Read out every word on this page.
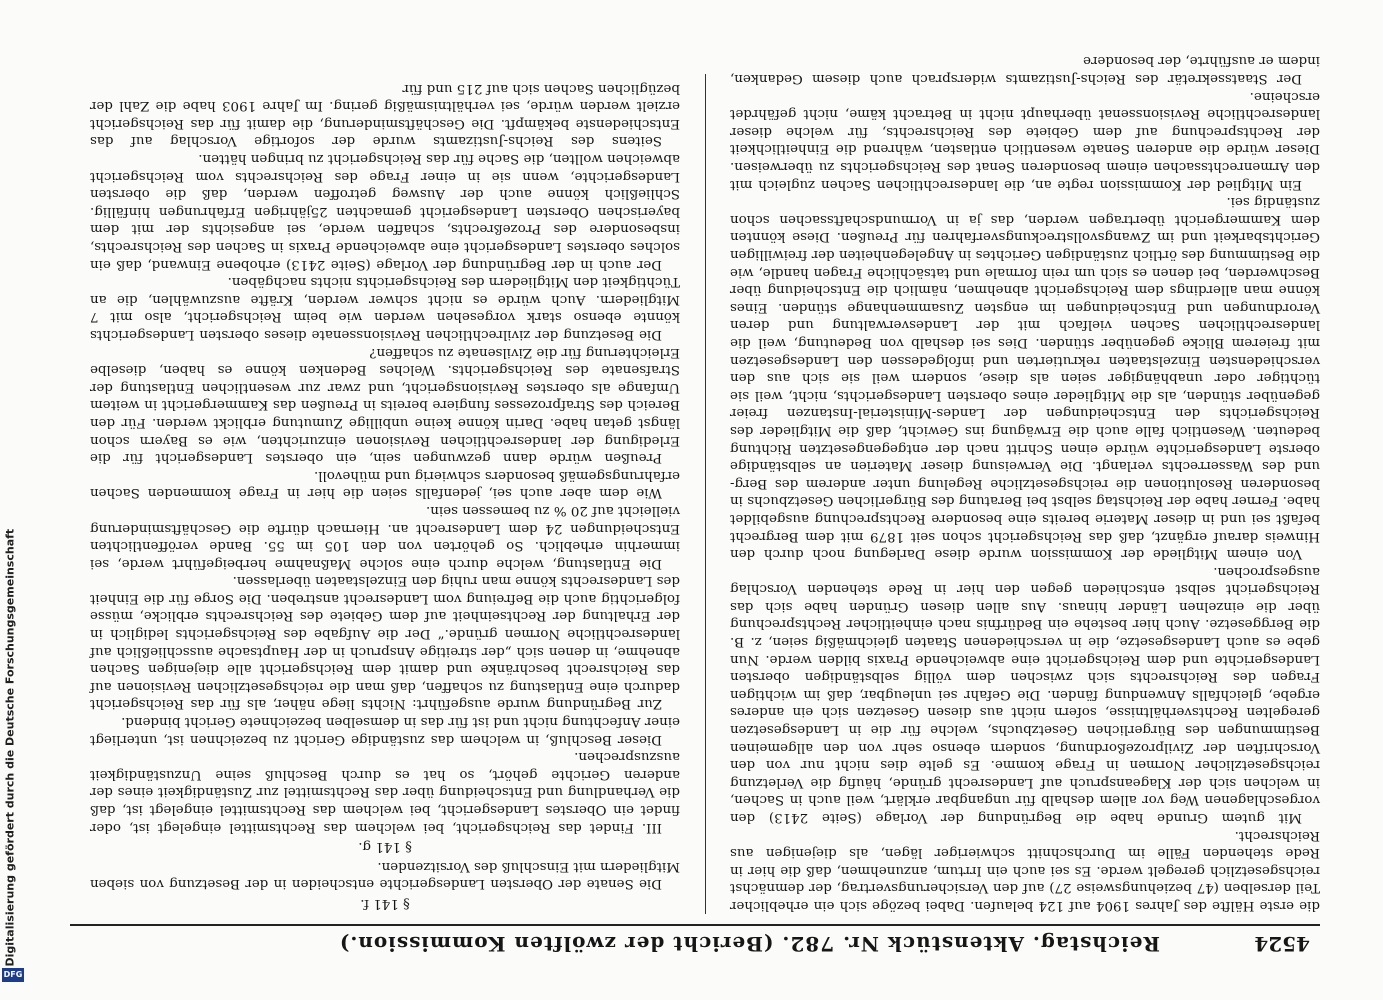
Digitalisierung gefördert durch die Deutsche Forschungsgemeinschaft
DFG
4524
Reichstag. Aktenstück Nr. 782. (Bericht der zwölften Kommission.)

die erste Hälfte des Jahres 1904 auf 124 belaufen. Dabei bezöge sich ein erheblicher Teil derselben (47 beziehungsweise 27) auf den Versicherungsvertrag, der demnächst reichsgesetzlich geregelt werde. Es sei auch ein Irrtum, anzunehmen, daß die hier in Rede stehenden Fälle im Durchschnitt schwieriger lägen, als diejenigen aus Reichsrecht.

Mit gutem Grunde habe die Begründung der Vorlage (Seite 2413) den vorgeschlagenen Weg vor allem deshalb für ungangbar erklärt, weil auch in Sachen, in welchen sich der Klageanspruch auf Landesrecht gründe, häufig die Verletzung reichsgesetzlicher Normen in Frage komme. Es gelte dies nicht nur von den Vorschriften der Zivilprozeßordnung, sondern ebenso sehr von den allgemeinen Bestimmungen des Bürgerlichen Gesetzbuchs, welche für die in Landesgesetzen geregelten Rechtsverhältnisse, sofern nicht aus diesen Gesetzen sich ein anderes ergebe, gleichfalls Anwendung fänden. Die Gefahr sei unleugbar, daß im wichtigen Fragen des Reichsrechts sich zwischen dem völlig selbständigen obersten Landesgerichte und dem Reichsgericht eine abweichende Praxis bilden werde. Nun gebe es auch Landesgesetze, die in verschiedenen Staaten gleichmäßig seien, z. B. die Berggesetze. Auch hier bestehe ein Bedürfnis nach einheitlicher Rechtsprechung über die einzelnen Länder hinaus. Aus allen diesen Gründen habe sich das Reichsgericht selbst entschieden gegen den hier in Rede stehenden Vorschlag ausgesprochen.

Von einem Mitgliede der Kommission wurde diese Darlegung noch durch den Hinweis darauf ergänzt, daß das Reichsgericht schon seit 1879 mit dem Bergrecht befaßt sei und in dieser Materie bereits eine besondere Rechtsprechung ausgebildet habe. Ferner habe der Reichstag selbst bei Beratung des Bürgerlichen Gesetzbuchs in besonderen Resolutionen die reichsgesetzliche Regelung unter anderem des Berg- und des Wasserrechts verlangt. Die Verweisung dieser Materien an selbständige oberste Landesgerichte würde einen Schritt nach der entgegengesetzten Richtung bedeuten. Wesentlich falle auch die Erwägung ins Gewicht, daß die Mitglieder des Reichsgerichts den Entscheidungen der Landes-Ministerial-Instanzen freier gegenüber stünden, als die Mitglieder eines obersten Landesgerichts, nicht, weil sie tüchtiger oder unabhängiger seien als diese, sondern weil sie sich aus den verschiedensten Einzelstaaten rekrutierten und infolgedessen den Landesgesetzen mit freierem Blicke gegenüber stünden. Dies sei deshalb von Bedeutung, weil die landesrechtlichen Sachen vielfach mit der Landesverwaltung und deren Verordnungen und Entscheidungen im engsten Zusammenhange stünden. Eines könne man allerdings dem Reichsgericht abnehmen, nämlich die Entscheidung über Beschwerden, bei denen es sich um rein formale und tatsächliche Fragen handle, wie die Bestimmung des örtlich zuständigen Gerichtes in Angelegenheiten der freiwilligen Gerichtsbarkeit und im Zwangsvollstreckungsverfahren für Preußen. Diese könnten dem Kammergericht übertragen werden, das ja in Vormundschaftssachen schon zuständig sei.

Ein Mitglied der Kommission regte an, die landesrechtlichen Sachen zugleich mit den Armenrechtssachen einem besonderen Senat des Reichsgerichts zu überweisen. Dieser würde die anderen Senate wesentlich entlasten, während die Einheitlichkeit der Rechtsprechung auf dem Gebiete des Reichsrechts, für welche dieser landesrechtliche Revisionssenat überhaupt nicht in Betracht käme, nicht gefährdet erscheine.

Der Staatssekretär des Reichs-Justizamts widersprach auch diesem Gedanken, indem er ausführte, der besondere

§ 141 f.

Die Senate der Obersten Landesgerichte entscheiden in der Besetzung von sieben Mitgliedern mit Einschluß des Vorsitzenden.

§ 141 g.

III. Findet das Reichsgericht, bei welchem das Rechtsmittel eingelegt ist, oder findet ein Oberstes Landesgericht, bei welchem das Rechtsmittel eingelegt ist, daß die Verhandlung und Entscheidung über das Rechtsmittel zur Zuständigkeit eines der anderen Gerichte gehört, so hat es durch Beschluß seine Unzuständigkeit auszusprechen.

Dieser Beschluß, in welchem das zuständige Gericht zu bezeichnen ist, unterliegt einer Anfechtung nicht und ist für das in demselben bezeichnete Gericht bindend.

Zur Begründung wurde ausgeführt: Nichts liege näher, als für das Reichsgericht dadurch eine Entlastung zu schaffen, daß man die reichsgesetzlichen Revisionen auf das Reichsrecht beschränke und damit dem Reichsgericht alle diejenigen Sachen abnehme, in denen sich „der streitige Anspruch in der Hauptsache ausschließlich auf landesrechtliche Normen gründe.“ Der die Aufgabe des Reichsgerichts lediglich in der Erhaltung der Rechtseinheit auf dem Gebiete des Reichsrechts erblicke, müsse folgerichtig auch die Befreiung vom Landesrecht anstreben. Die Sorge für die Einheit des Landesrechts könne man ruhig den Einzelstaaten überlassen.

Die Entlastung, welche durch eine solche Maßnahme herbeigeführt werde, sei immerhin erheblich. So gehörten von den 105 im 55. Bande veröffentlichten Entscheidungen 24 dem Landesrecht an. Hiernach dürfte die Geschäftsminderung vielleicht auf 20 % zu bemessen sein.

Wie dem aber auch sei, jedenfalls seien die hier in Frage kommenden Sachen erfahrungsgemäß besonders schwierig und mühevoll.

Preußen würde dann gezwungen sein, ein oberstes Landesgericht für die Erledigung der landesrechtlichen Revisionen einzurichten, wie es Bayern schon längst getan habe. Darin könne keine unbillige Zumutung erblickt werden. Für den Bereich des Strafprozesses fungiere bereits in Preußen das Kammergericht in weitem Umfange als oberstes Revisionsgericht, und zwar zur wesentlichen Entlastung der Strafsenate des Reichsgerichts. Welches Bedenken könne es haben, dieselbe Erleichterung für die Zivilsenate zu schaffen?

Die Besetzung der zivilrechtlichen Revisionssenate dieses obersten Landesgerichts könnte ebenso stark vorgesehen werden wie beim Reichsgericht, also mit 7 Mitgliedern. Auch würde es nicht schwer werden, Kräfte auszuwählen, die an Tüchtigkeit den Mitgliedern des Reichsgerichts nichts nachgäben.

Der auch in der Begründung der Vorlage (Seite 2413) erhobene Einwand, daß ein solches oberstes Landesgericht eine abweichende Praxis in Sachen des Reichsrechts, insbesondere des Prozeßrechts, schaffen werde, sei angesichts der mit dem bayerischen Obersten Landesgericht gemachten 25jährigen Erfahrungen hinfällig. Schließlich könne auch der Ausweg getroffen werden, daß die obersten Landesgerichte, wenn sie in einer Frage des Reichsrechts vom Reichsgericht abweichen wollten, die Sache für das Reichsgericht zu bringen hätten.

Seitens des Reichs-Justizamts wurde der sofortige Vorschlag auf das Entschiedenste bekämpft. Die Geschäftsminderung, die damit für das Reichsgericht erzielt werden würde, sei verhältnismäßig gering. Im Jahre 1903 habe die Zahl der bezüglichen Sachen sich auf 215 und für
